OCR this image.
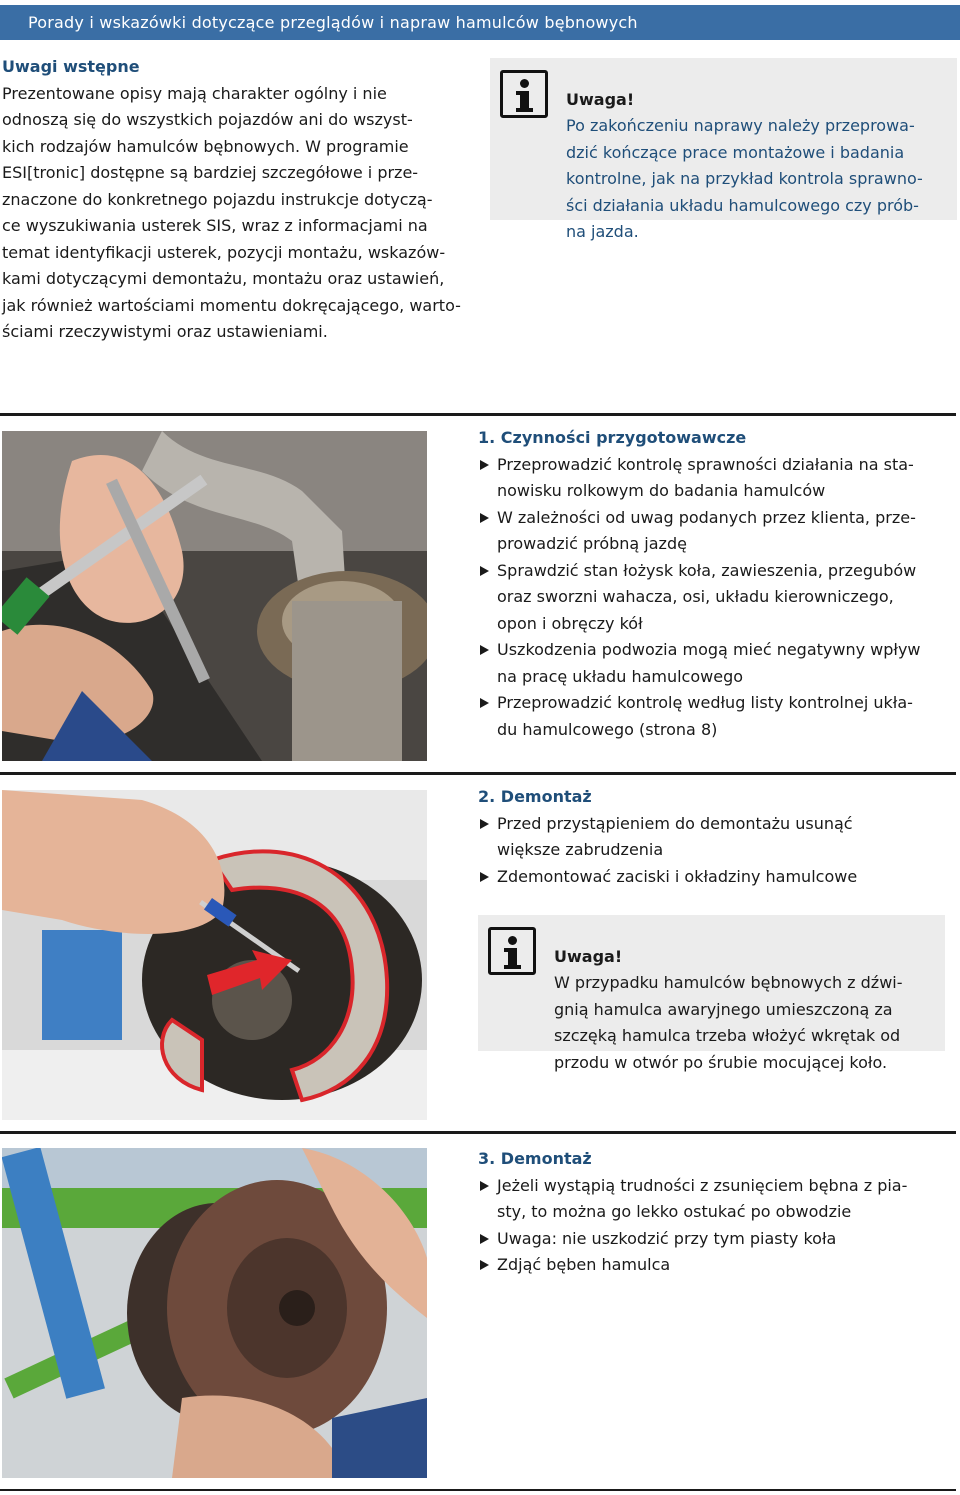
Porady i wskazówki dotyczące przeglądów i napraw hamulców bębnowych
Uwagi wstępne
Prezentowane opisy mają charakter ogólny i nie
odnoszą się do wszystkich pojazdów ani do wszyst-
kich rodzajów hamulców bębnowych. W programie
ESI[tronic] dostępne są bardziej szczegółowe i prze-
znaczone do konkretnego pojazdu instrukcje dotyczą-
ce wyszukiwania usterek SIS, wraz z informacjami na
temat identyfikacji usterek, pozycji montażu, wskazów-
kami dotyczącymi demontażu, montażu oraz ustawień,
jak również wartościami momentu dokręcającego, warto-
ściami rzeczywistymi oraz ustawieniami.

Uwaga!
Po zakończeniu naprawy należy przeprowa-
dzić kończące prace montażowe i badania
kontrolne, jak na przykład kontrola sprawno-
ści działania układu hamulcowego czy prób-
na jazda.

1. Czynności przygotowawcze
Przeprowadzić kontrolę sprawności działania na sta-
nowisku rolkowym do badania hamulców
W zależności od uwag podanych przez klienta, prze-
prowadzić próbną jazdę
Sprawdzić stan łożysk koła, zawieszenia, przegubów
oraz sworzni wahacza, osi, układu kierowniczego,
opon i obręczy kół
Uszkodzenia podwozia mogą mieć negatywny wpływ
na pracę układu hamulcowego
Przeprowadzić kontrolę według listy kontrolnej ukła-
du hamulcowego (strona 8)
2. Demontaż
Przed przystąpieniem do demontażu usunąć
większe zabrudzenia
Zdemontować zaciski i okładziny hamulcowe

Uwaga!
W przypadku hamulców bębnowych z dźwi-
gnią hamulca awaryjnego umieszczoną za
szczęką hamulca trzeba włożyć wkrętak od
przodu w otwór po śrubie mocującej koło.

3. Demontaż
Jeżeli wystąpią trudności z zsunięciem bębna z pia-
sty, to można go lekko ostukać po obwodzie
Uwaga: nie uszkodzić przy tym piasty koła
Zdjąć bęben hamulca
